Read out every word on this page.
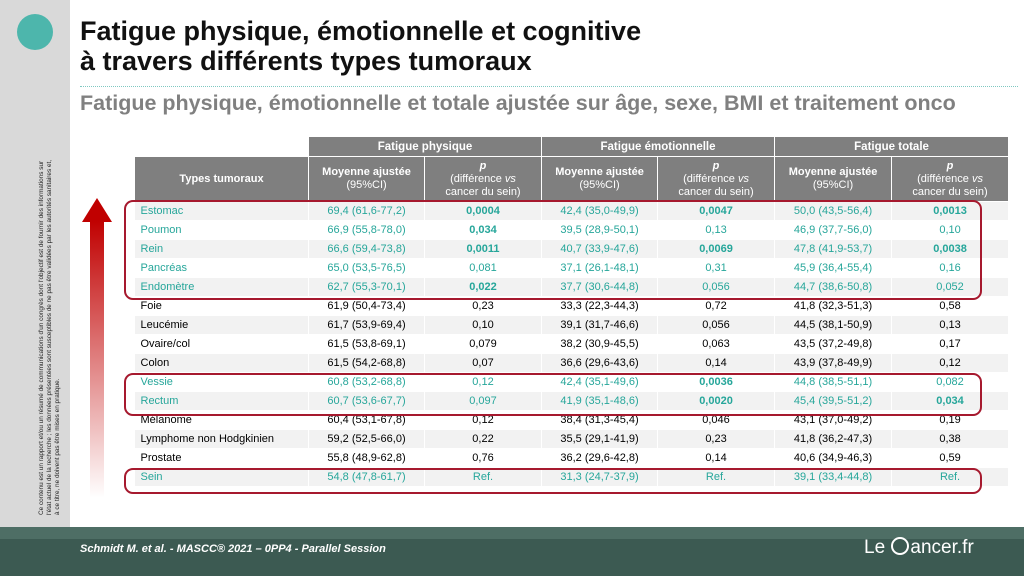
Ce contenu est un rapport et/ou un résumé de communications d'un congrès dont l'objectif est de fournir des informations sur l'état actuel de la recherche ; les données présentées sont susceptibles de ne pas être validées par les autorités sanitaires et, à ce titre, ne doivent pas être mises en pratique.
Fatigue physique, émotionnelle et cognitive
à travers différents types tumoraux
Fatigue physique, émotionnelle et totale ajustée sur âge, sexe, BMI et traitement onco
	Fatigue physique		Fatigue émotionnelle		Fatigue totale	
Types tumoraux	Moyenne ajustée
(95%CI)	p
(différence vs
cancer du sein)	Moyenne ajustée
(95%CI)	p
(différence vs
cancer du sein)	Moyenne ajustée
(95%CI)	p
(différence vs
cancer du sein)

Estomac	69,4 (61,6-77,2)	0,0004	42,4 (35,0-49,9)	0,0047	50,0 (43,5-56,4)	0,0013
Poumon	66,9 (55,8-78,0)	0,034	39,5 (28,9-50,1)	0,13	46,9 (37,7-56,0)	0,10
Rein	66,6 (59,4-73,8)	0,0011	40,7 (33,9-47,6)	0,0069	47,8 (41,9-53,7)	0,0038
Pancréas	65,0 (53,5-76,5)	0,081	37,1 (26,1-48,1)	0,31	45,9 (36,4-55,4)	0,16
Endomètre	62,7 (55,3-70,1)	0,022	37,7 (30,6-44,8)	0,056	44,7 (38,6-50,8)	0,052
Foie	61,9 (50,4-73,4)	0,23	33,3 (22,3-44,3)	0,72	41,8 (32,3-51,3)	0,58
Leucémie	61,7 (53,9-69,4)	0,10	39,1 (31,7-46,6)	0,056	44,5 (38,1-50,9)	0,13
Ovaire/col	61,5 (53,8-69,1)	0,079	38,2 (30,9-45,5)	0,063	43,5 (37,2-49,8)	0,17
Colon	61,5 (54,2-68,8)	0,07	36,6 (29,6-43,6)	0,14	43,9 (37,8-49,9)	0,12
Vessie	60,8 (53,2-68,8)	0,12	42,4 (35,1-49,6)	0,0036	44,8 (38,5-51,1)	0,082
Rectum	60,7 (53,6-67,7)	0,097	41,9 (35,1-48,6)	0,0020	45,4 (39,5-51,2)	0,034
Mélanome	60,4 (53,1-67,8)	0,12	38,4 (31,3-45,4)	0,046	43,1 (37,0-49,2)	0,19
Lymphome non Hodgkinien	59,2 (52,5-66,0)	0,22	35,5 (29,1-41,9)	0,23	41,8 (36,2-47,3)	0,38
Prostate	55,8 (48,9-62,8)	0,76	36,2 (29,6-42,8)	0,14	40,6 (34,9-46,3)	0,59
Sein	54,8 (47,8-61,7)	Ref.	31,3 (24,7-37,9)	Ref.	39,1 (33,4-44,8)	Ref.
Schmidt M. et al. - MASCC® 2021 – 0PP4 - Parallel Session	Le ancer.fr
